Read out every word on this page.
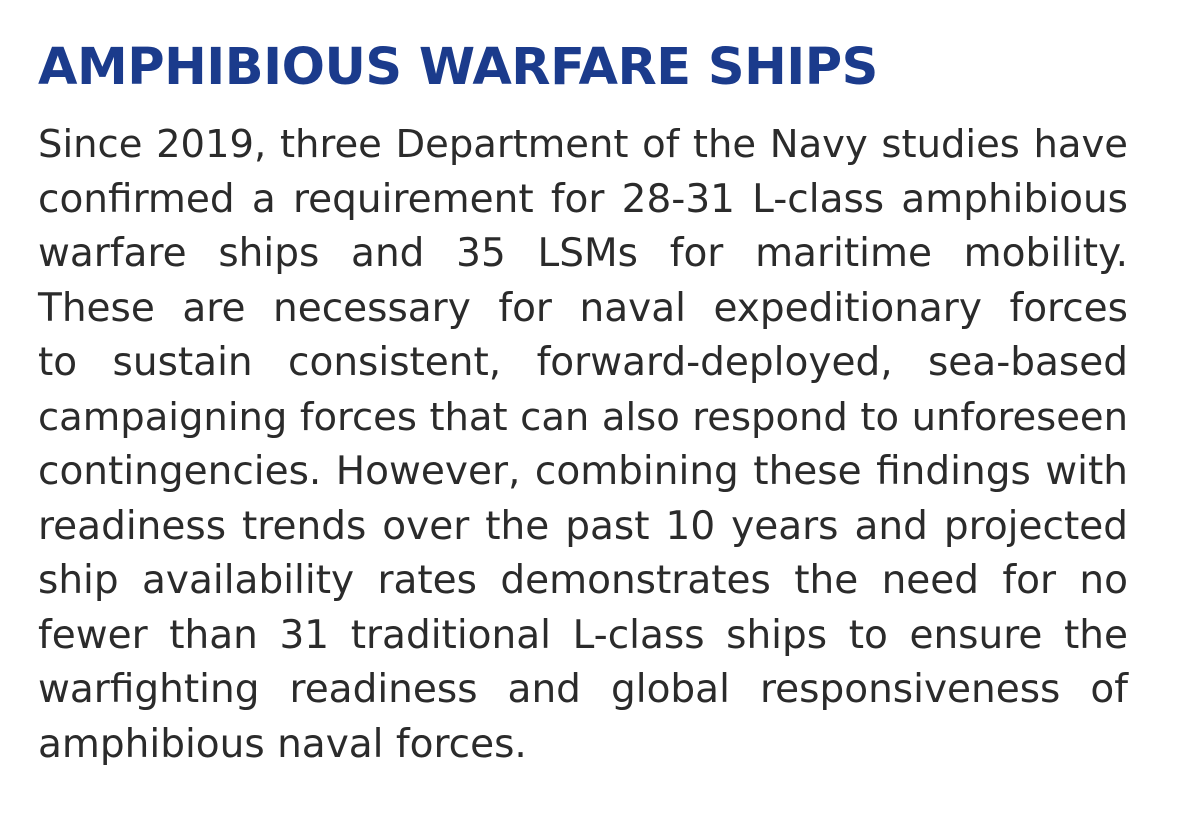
AMPHIBIOUS WARFARE SHIPS
Since 2019, three Department of the Navy studies have
confirmed a requirement for 28-31 L-class amphibious
warfare ships and 35 LSMs for maritime mobility.
These are necessary for naval expeditionary forces
to sustain consistent, forward-deployed, sea-based
campaigning forces that can also respond to unforeseen
contingencies. However, combining these findings with
readiness trends over the past 10 years and projected
ship availability rates demonstrates the need for no
fewer than 31 traditional L-class ships to ensure the
warfighting readiness and global responsiveness of
amphibious naval forces.
